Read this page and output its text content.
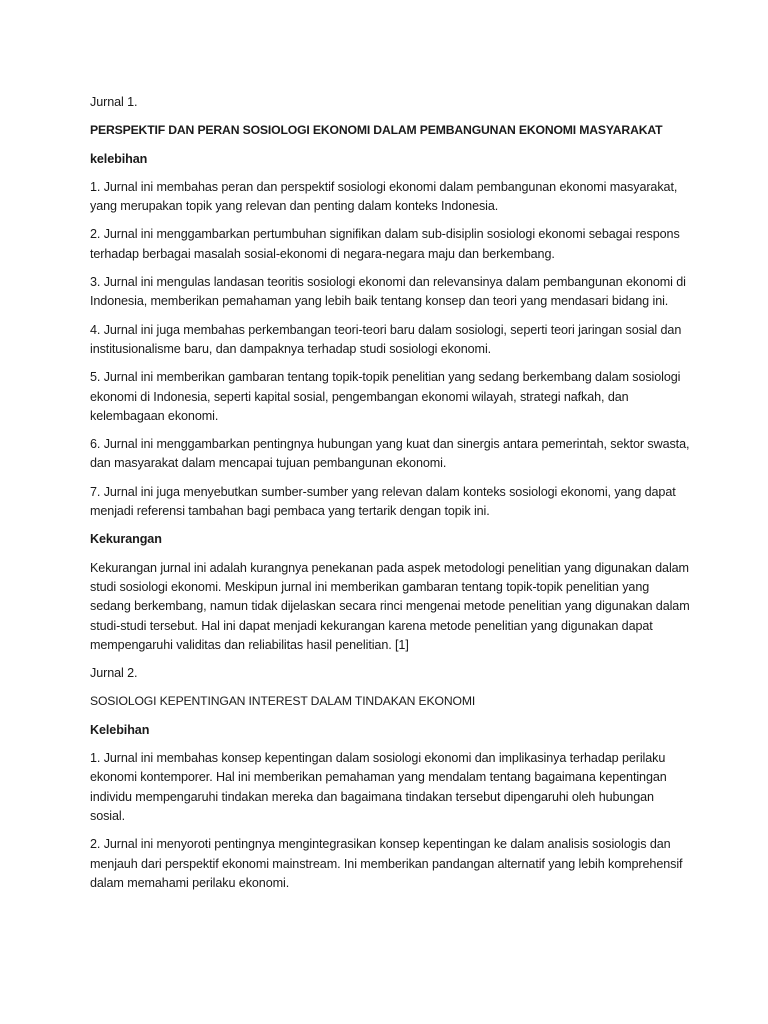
Jurnal 1.

PERSPEKTIF DAN PERAN SOSIOLOGI EKONOMI DALAM PEMBANGUNAN EKONOMI MASYARAKAT

kelebihan

1. Jurnal ini membahas peran dan perspektif sosiologi ekonomi dalam pembangunan ekonomi masyarakat, yang merupakan topik yang relevan dan penting dalam konteks Indonesia.

2. Jurnal ini menggambarkan pertumbuhan signifikan dalam sub-disiplin sosiologi ekonomi sebagai respons terhadap berbagai masalah sosial-ekonomi di negara-negara maju dan berkembang.

3. Jurnal ini mengulas landasan teoritis sosiologi ekonomi dan relevansinya dalam pembangunan ekonomi di Indonesia, memberikan pemahaman yang lebih baik tentang konsep dan teori yang mendasari bidang ini.

4. Jurnal ini juga membahas perkembangan teori-teori baru dalam sosiologi, seperti teori jaringan sosial dan institusionalisme baru, dan dampaknya terhadap studi sosiologi ekonomi.

5. Jurnal ini memberikan gambaran tentang topik-topik penelitian yang sedang berkembang dalam sosiologi ekonomi di Indonesia, seperti kapital sosial, pengembangan ekonomi wilayah, strategi nafkah, dan kelembagaan ekonomi.

6. Jurnal ini menggambarkan pentingnya hubungan yang kuat dan sinergis antara pemerintah, sektor swasta, dan masyarakat dalam mencapai tujuan pembangunan ekonomi.

7. Jurnal ini juga menyebutkan sumber-sumber yang relevan dalam konteks sosiologi ekonomi, yang dapat menjadi referensi tambahan bagi pembaca yang tertarik dengan topik ini.

Kekurangan

Kekurangan jurnal ini adalah kurangnya penekanan pada aspek metodologi penelitian yang digunakan dalam studi sosiologi ekonomi. Meskipun jurnal ini memberikan gambaran tentang topik-topik penelitian yang sedang berkembang, namun tidak dijelaskan secara rinci mengenai metode penelitian yang digunakan dalam studi-studi tersebut. Hal ini dapat menjadi kekurangan karena metode penelitian yang digunakan dapat mempengaruhi validitas dan reliabilitas hasil penelitian. [1]

Jurnal 2.

SOSIOLOGI KEPENTINGAN INTEREST DALAM TINDAKAN EKONOMI

Kelebihan

1. Jurnal ini membahas konsep kepentingan dalam sosiologi ekonomi dan implikasinya terhadap perilaku ekonomi kontemporer. Hal ini memberikan pemahaman yang mendalam tentang bagaimana kepentingan individu mempengaruhi tindakan mereka dan bagaimana tindakan tersebut dipengaruhi oleh hubungan sosial.

2. Jurnal ini menyoroti pentingnya mengintegrasikan konsep kepentingan ke dalam analisis sosiologis dan menjauh dari perspektif ekonomi mainstream. Ini memberikan pandangan alternatif yang lebih komprehensif dalam memahami perilaku ekonomi.
